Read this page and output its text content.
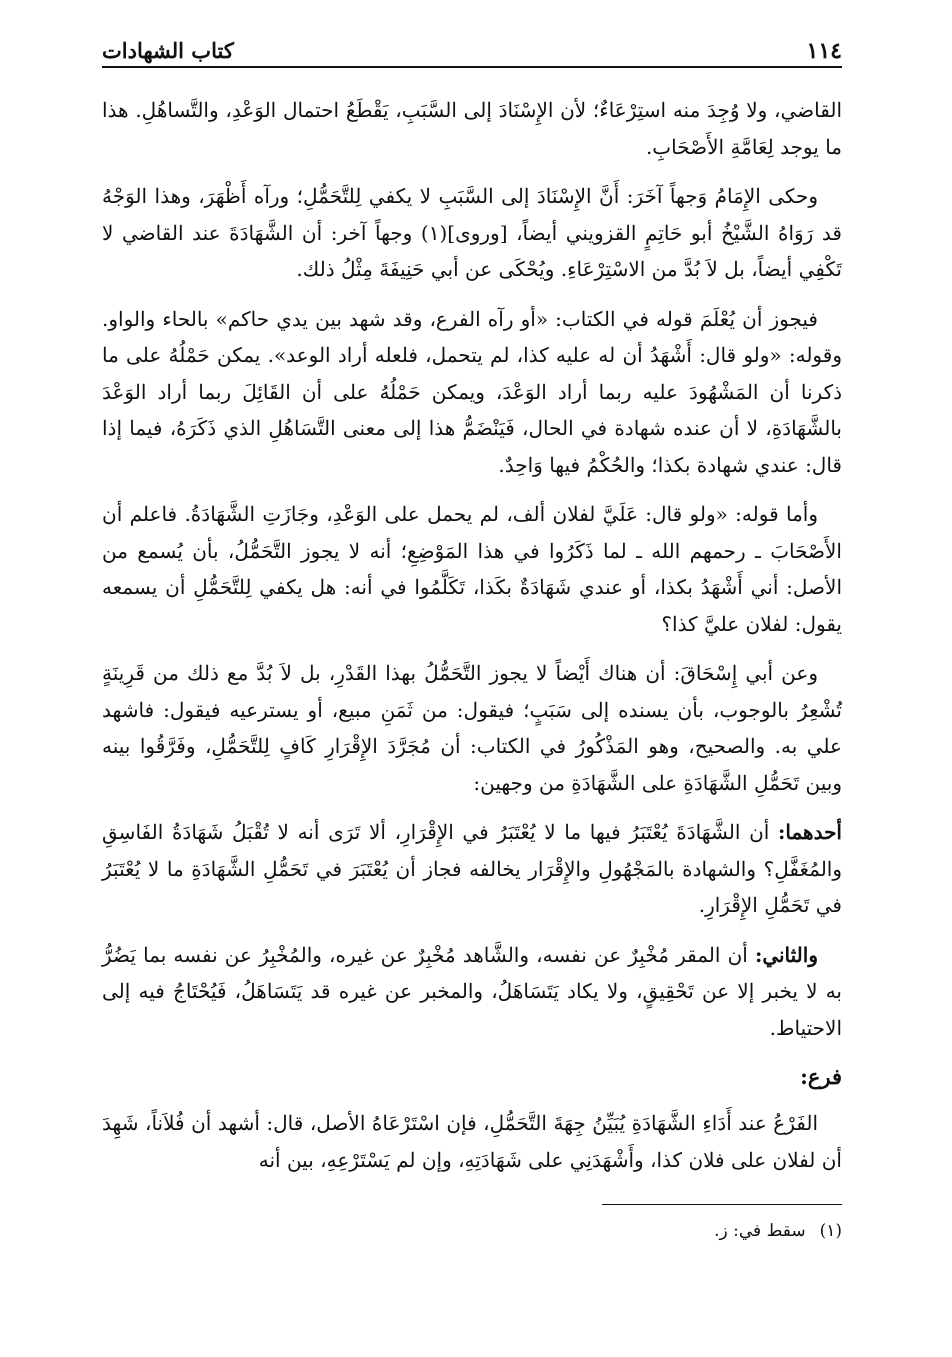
١١٤
كتاب الشهادات

القاضي، ولا وُجِدَ منه استِرْعَاءٌ؛ لأن الإِسْنَادَ إلى السَّبَبِ، يَقْطَعُ احتمال الوَعْدِ، والتَّساهُلِ. هذا ما يوجد لِعَامَّةِ الأَصْحَابِ.

وحكى الإِمَامُ وَجهاً آخَرَ: أَنَّ الإِسْنَادَ إلى السَّبَبِ لا يكفي لِلتَّحَمُّلِ؛ ورآه أَظْهَرَ، وهذا الوَجْهُ قد رَوَاهُ الشَّيْخُ أبو حَاتِمٍ القزويني أيضاً، [وروى](١) وجهاً آخر: أن الشَّهَادَةَ عند القاضي لا تَكْفِي أيضاً، بل لاَ بُدَّ من الاسْتِرْعَاءِ. ويُحْكَى عن أبي حَنِيفَةَ مِثْلُ ذلك.

فيجوز أن يُعْلَمَ قوله في الكتاب: «أو رآه الفرع، وقد شهد بين يدي حاكم» بالحاء والواو. وقوله: «ولو قال: أَشْهَدُ أن له عليه كذا، لم يتحمل، فلعله أراد الوعد». يمكن حَمْلُهُ على ما ذكرنا أن المَشْهُودَ عليه ربما أراد الوَعْدَ، ويمكن حَمْلُهُ على أن القَائِلَ ربما أراد الوَعْدَ بالشَّهَادَةِ، لا أن عنده شهادة في الحال، فَيَنْضَمُّ هذا إلى معنى التَّسَاهُلِ الذي ذَكَرَهُ، فيما إذا قال: عندي شهادة بكذا؛ والحُكْمُ فيها وَاحِدٌ.

وأما قوله: «ولو قال: عَلَيَّ لفلان ألف، لم يحمل على الوَعْدِ، وجَازَتِ الشَّهَادَةُ. فاعلم أن الأَصْحَابَ ـ رحمهم الله ـ لما ذَكَرُوا في هذا المَوْضِعِ؛ أنه لا يجوز التَّحَمُّلُ، بأن يُسمع من الأصل: أني أَشْهَدُ بكذا، أو عندي شَهَادَةٌ بكَذا، تَكَلَّمُوا في أنه: هل يكفي لِلتَّحَمُّلِ أن يسمعه يقول: لفلان عليَّ كذا؟

وعن أبي إِسْحَاقَ: أن هناك أَيْضاً لا يجوز التَّحَمُّلُ بهذا القَدْرِ، بل لاَ بُدَّ مع ذلك من قَرِينَةٍ تُشْعِرُ بالوجوب، بأن يسنده إلى سَبَبٍ؛ فيقول: من ثَمَنِ مبيع، أو يسترعيه فيقول: فاشهد علي به. والصحيح، وهو المَذْكُورُ في الكتاب: أن مُجَرَّدَ الإِقْرَارِ كَافٍ لِلتَّحَمُّلِ، وفَرَّقُوا بينه وبين تَحَمُّلِ الشَّهَادَةِ على الشَّهَادَةِ من وجهين:

أحدهما: أن الشَّهَادَةَ يُعْتَبَرُ فيها ما لا يُعْتَبَرُ في الإِقْرَارِ، ألا تَرَى أنه لا تُقْبَلُ شَهَادَةُ الفَاسِقِ والمُغَفَّلِ؟ والشهادة بالمَجْهُولِ والإِقْرَار يخالفه فجاز أن يُعْتَبَرَ في تَحَمُّلِ الشَّهَادَةِ ما لا يُعْتَبَرُ في تَحَمُّلِ الإِقْرَارِ.

والثاني: أن المقر مُخْبِرٌ عن نفسه، والشَّاهد مُخْبِرٌ عن غيره، والمُخْبِرُ عن نفسه بما يَضُرُّ به لا يخبر إلا عن تَحْقِيقٍ، ولا يكاد يَتَسَاهَلُ، والمخبر عن غيره قد يَتَسَاهَلُ، فَيُحْتَاجُ فيه إلى الاحتياط.

فرع:

الفَرْعُ عند أَدَاءِ الشَّهَادَةِ يُبَيِّنُ جِهَةَ التَّحَمُّلِ، فإن اسْتَرْعَاهُ الأصل، قال: أشهد أن فُلاَناً، شَهِدَ أن لفلان على فلان كذا، وأَشْهَدَنِي على شَهَادَتِهِ، وإن لم يَسْتَرْعِهِ، بين أنه

(١)
سقط في: ز.
